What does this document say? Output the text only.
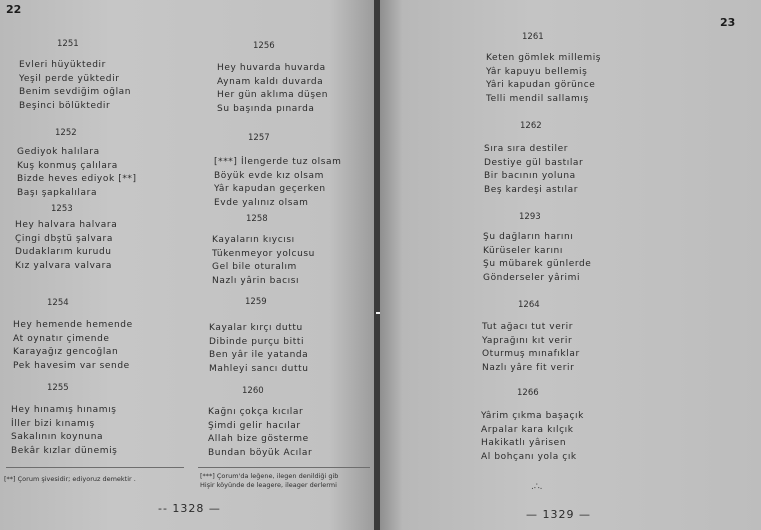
22
1251
Evleri hüyüktedir
Yeşil perde yüktedir
Benim sevdiğim oğlan
Beşinci bölüktedir
1252
Gediyok halılara
Kuş konmuş çalılara
Bizde heves ediyok [**]
Başı şapkalılara
1253
Hey halvara halvara
Çingi dbştü şalvara
Dudaklarım kurudu
Kız yalvara valvara
1254
Hey hemende hemende
At oynatır çimende
Karayağız gencoğlan
Pek havesim var sende
1255
Hey hınamış hınamış
İller bizi kınamış
Sakalının koynuna
Bekâr kızlar dünemiş
1256
Hey huvarda huvarda
Aynam kaldı duvarda
Her gün aklıma düşen
Su başında pınarda
1257
[***] İlengerde tuz olsam
Böyük evde kız olsam
Yâr kapudan geçerken
Evde yalınız olsam
1258
Kayaların kıycısı
Tükenmeyor yolcusu
Gel bile oturalım
Nazlı yârin bacısı
1259
Kayalar kırçı duttu
Dibinde purçu bitti
Ben yâr ile yatanda
Mahleyi sancı duttu
1260
Kağnı çokça kıcılar
Şimdi gelir hacılar
Allah bize gösterme
Bundan böyük Acılar
[**] Çorum şivesidir; ediyoruz demektir .	[***] Çorum'da leğene, ilegen denildiği gib
Hişir köyünde de leagere, ileager derlermi
-- 1328 —
23
1261
Keten gömlek millemiş
Yâr kapuyu bellemiş
Yâri kapudan görünce
Telli mendil sallamış
1262
Sıra sıra destiler
Destiye gül bastılar
Bir bacının yoluna
Beş kardeşi astılar
1293
Şu dağların harını
Kürüseler karını
Şu mübarek günlerde
Gönderseler yârimi
1264
Tut ağacı tut verir
Yaprağını kıt verir
Oturmuş mınafıklar
Nazlı yâre fit verir
1266
Yârim çıkma başaçık
Arpalar kara kılçık
Hakikatlı yârisen
Al bohçanı yola çık
.∴.
— 1329 —
